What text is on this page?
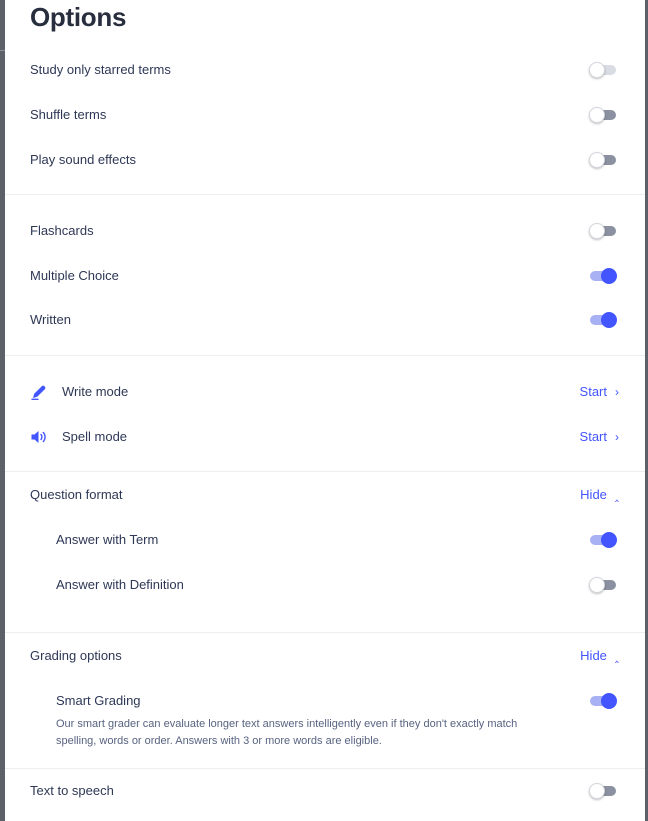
Options
Study only starred terms
Shuffle terms
Play sound effects
Flashcards
Multiple Choice
Written
Write mode	Start ›
Spell mode	Start ›
Question format	Hide ‸
Answer with Term
Answer with Definition
Grading options	Hide ‸
Smart Grading
Our smart grader can evaluate longer text answers intelligently even if they don't exactly match spelling, words or order. Answers with 3 or more words are eligible.
Text to speech
